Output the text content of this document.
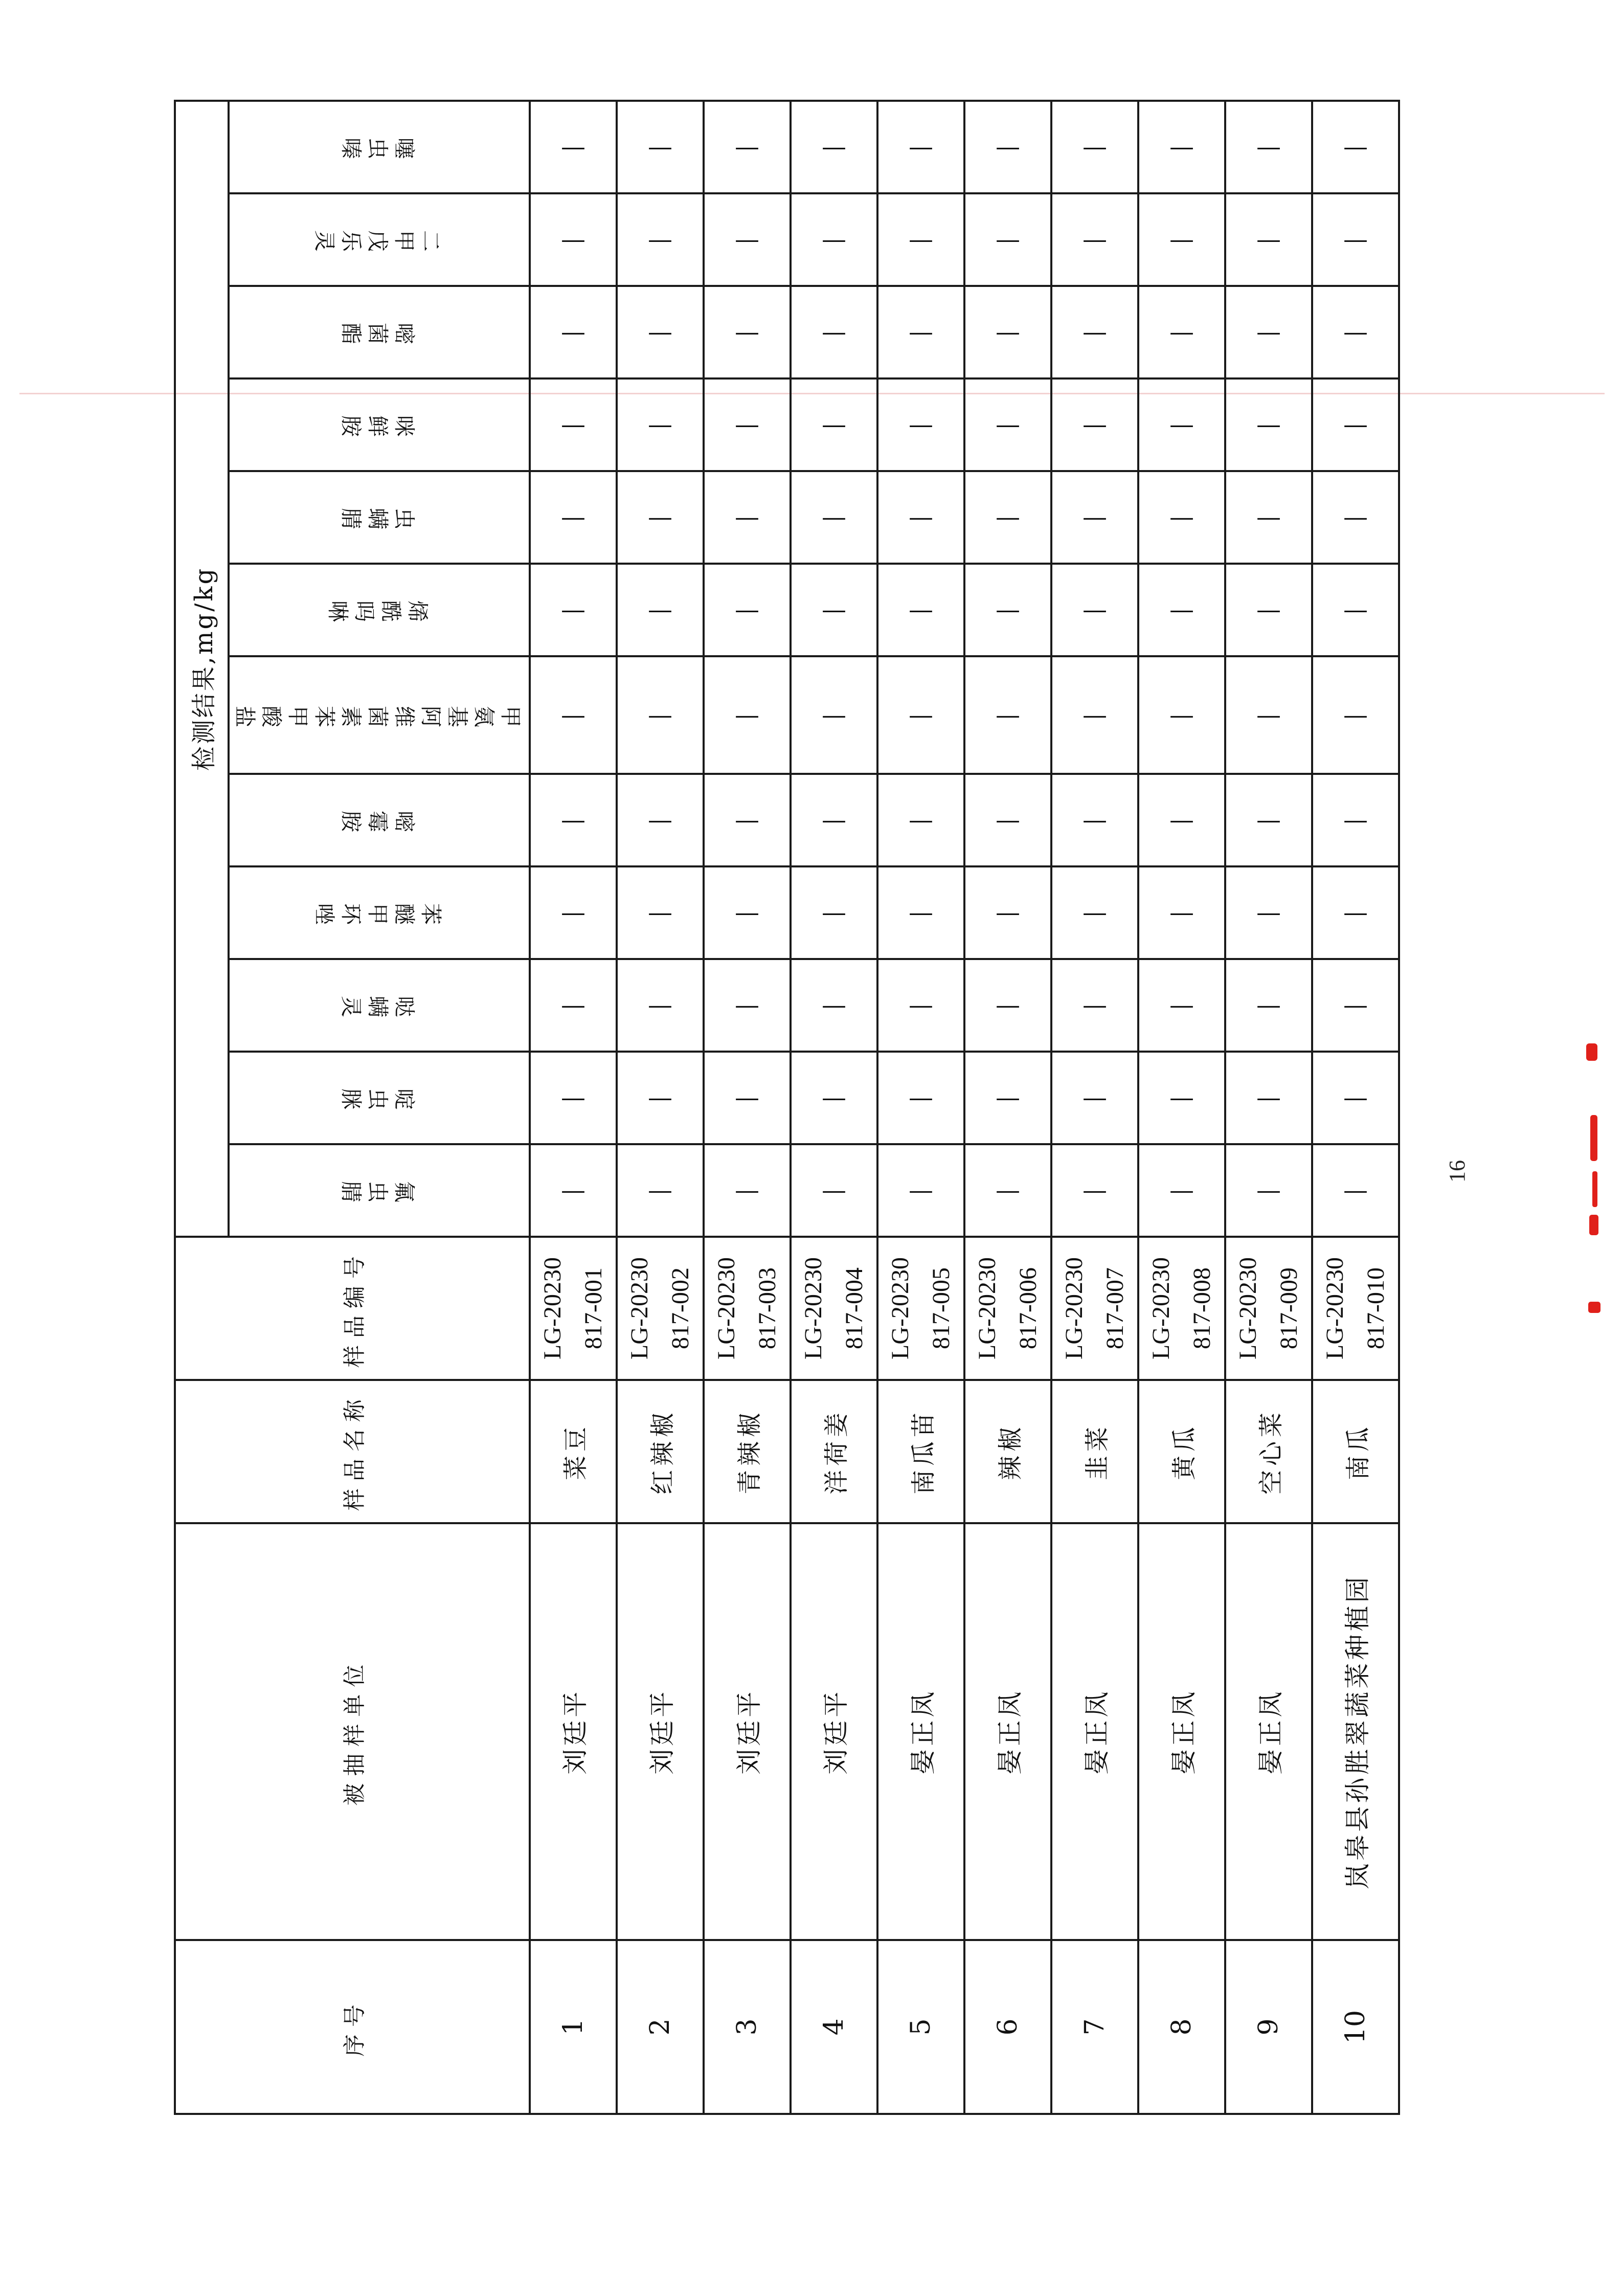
序号	被抽样单位	样品名称	样品编号	检测结果,mg/kg											
				氟虫腈	啶虫脒	哒螨灵	苯醚甲环唑	嘧霉胺	甲氨基阿维菌素苯甲酸盐	烯酰吗啉	虫螨腈	咪鲜胺	嘧菌酯	二甲戊乐灵	噻虫嗪
1	刘廷平	菜豆	LG-20230 817-001	—	—	—	—	—	—	—	—	—	—	—	—
2	刘廷平	红辣椒	LG-20230 817-002	—	—	—	—	—	—	—	—	—	—	—	—
3	刘廷平	青辣椒	LG-20230 817-003	—	—	—	—	—	—	—	—	—	—	—	—
4	刘廷平	洋荷姜	LG-20230 817-004	—	—	—	—	—	—	—	—	—	—	—	—
5	晏正凤	南瓜苗	LG-20230 817-005	—	—	—	—	—	—	—	—	—	—	—	—
6	晏正凤	辣椒	LG-20230 817-006	—	—	—	—	—	—	—	—	—	—	—	—
7	晏正凤	韭菜	LG-20230 817-007	—	—	—	—	—	—	—	—	—	—	—	—
8	晏正凤	黄瓜	LG-20230 817-008	—	—	—	—	—	—	—	—	—	—	—	—
9	晏正凤	空心菜	LG-20230 817-009	—	—	—	—	—	—	—	—	—	—	—	—
10	岚皋县孙胜翠蔬菜种植园	南瓜	LG-20230 817-010	—	—	—	—	—	—	—	—	—	—	—	—
16
